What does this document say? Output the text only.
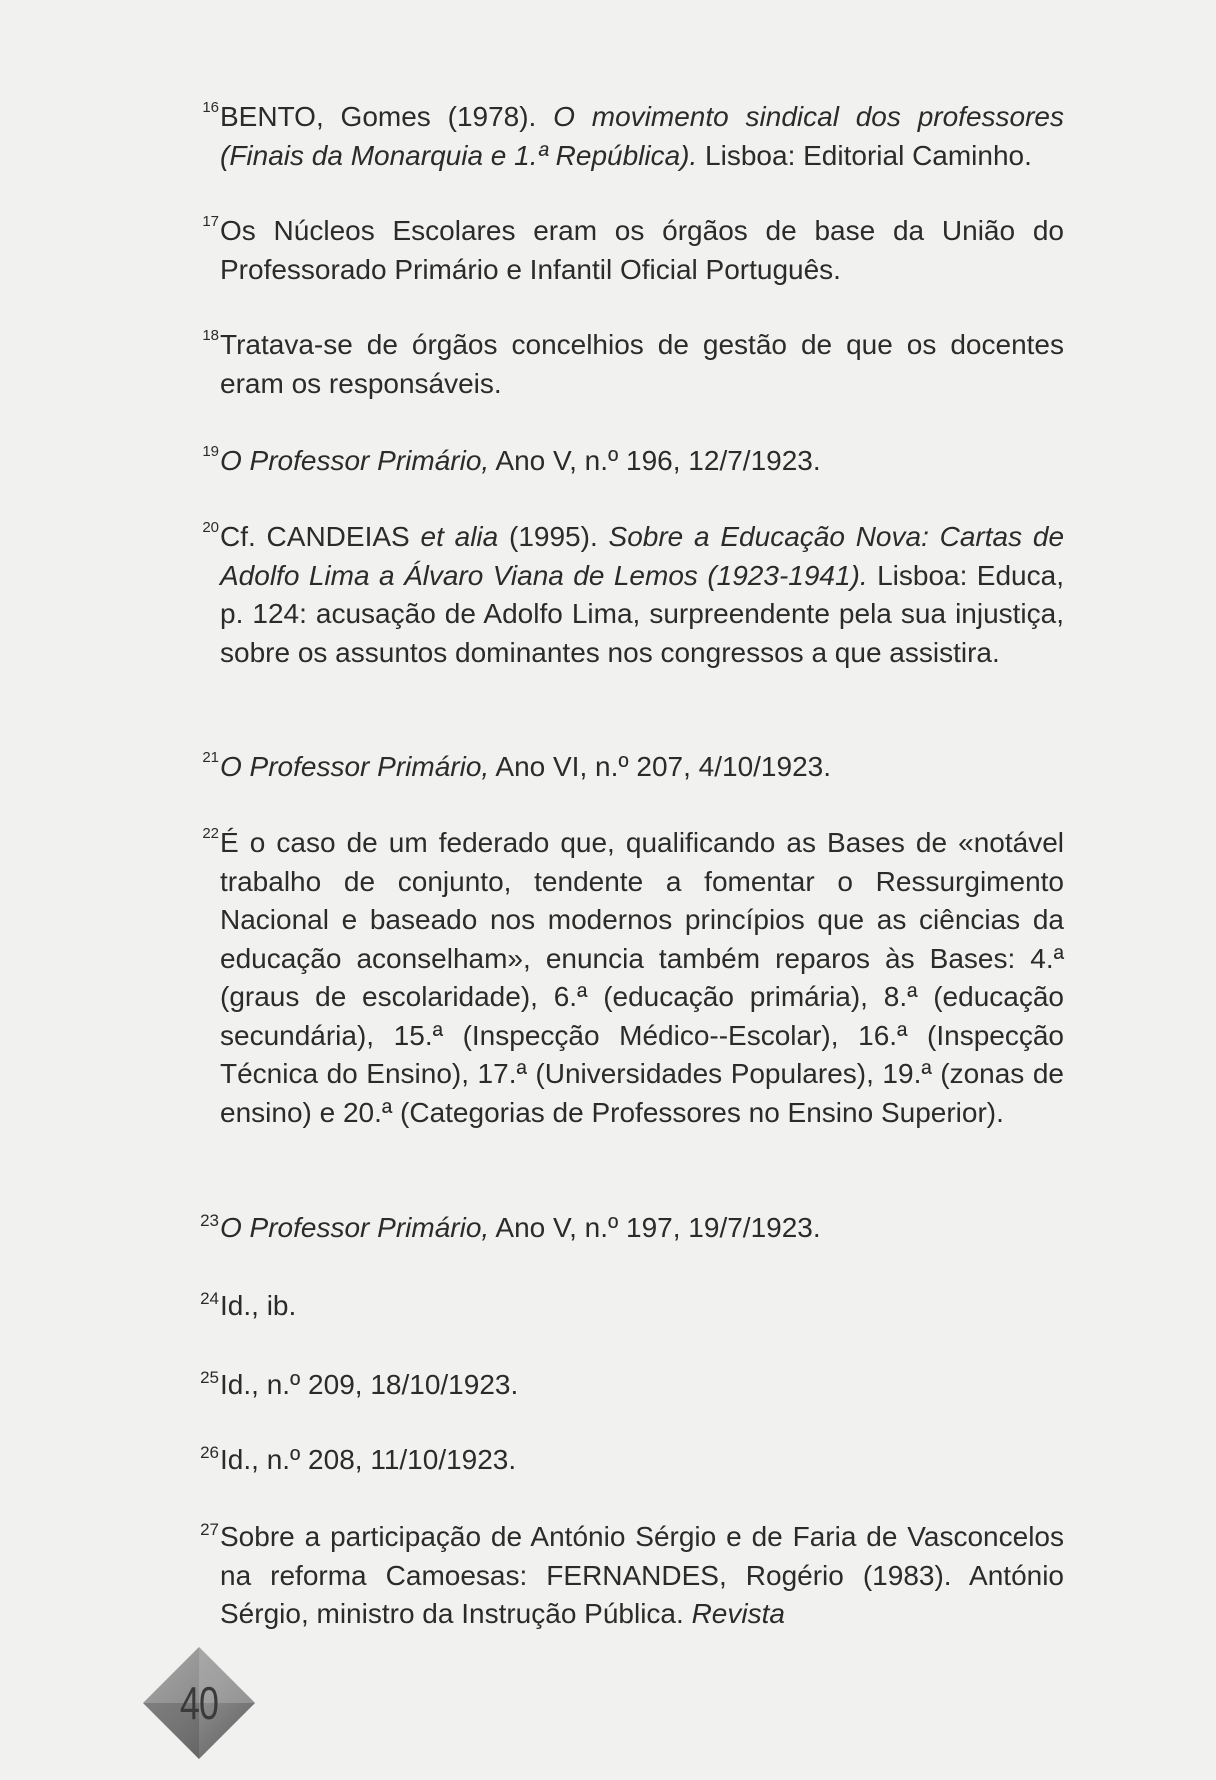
16 BENTO, Gomes (1978). O movimento sindical dos professores (Finais da Monarquia e 1.ª República). Lisboa: Editorial Caminho.
17 Os Núcleos Escolares eram os órgãos de base da União do Professorado Primário e Infantil Oficial Português.
18 Tratava-se de órgãos concelhios de gestão de que os docentes eram os responsáveis.
19 O Professor Primário, Ano V, n.º 196, 12/7/1923.
20 Cf. CANDEIAS et alia (1995). Sobre a Educação Nova: Cartas de Adolfo Lima a Álvaro Viana de Lemos (1923-1941). Lisboa: Educa, p. 124: acusação de Adolfo Lima, surpreendente pela sua injustiça, sobre os assuntos dominantes nos congressos a que assistira.
21 O Professor Primário, Ano VI, n.º 207, 4/10/1923.
22 É o caso de um federado que, qualificando as Bases de «notável trabalho de conjunto, tendente a fomentar o Ressurgimento Nacional e baseado nos modernos princípios que as ciências da educação aconselham», enuncia também reparos às Bases: 4.ª (graus de escolaridade), 6.ª (educação primária), 8.ª (educação secundária), 15.ª (Inspecção Médico--Escolar), 16.ª (Inspecção Técnica do Ensino), 17.ª (Universidades Populares), 19.ª (zonas de ensino) e 20.ª (Categorias de Professores no Ensino Superior).
23 O Professor Primário, Ano V, n.º 197, 19/7/1923.
24 Id., ib.
25 Id., n.º 209, 18/10/1923.
26 Id., n.º 208, 11/10/1923.
27 Sobre a participação de António Sérgio e de Faria de Vasconcelos na reforma Camoesas: FERNANDES, Rogério (1983). António Sérgio, ministro da Instrução Pública. Revista
40
